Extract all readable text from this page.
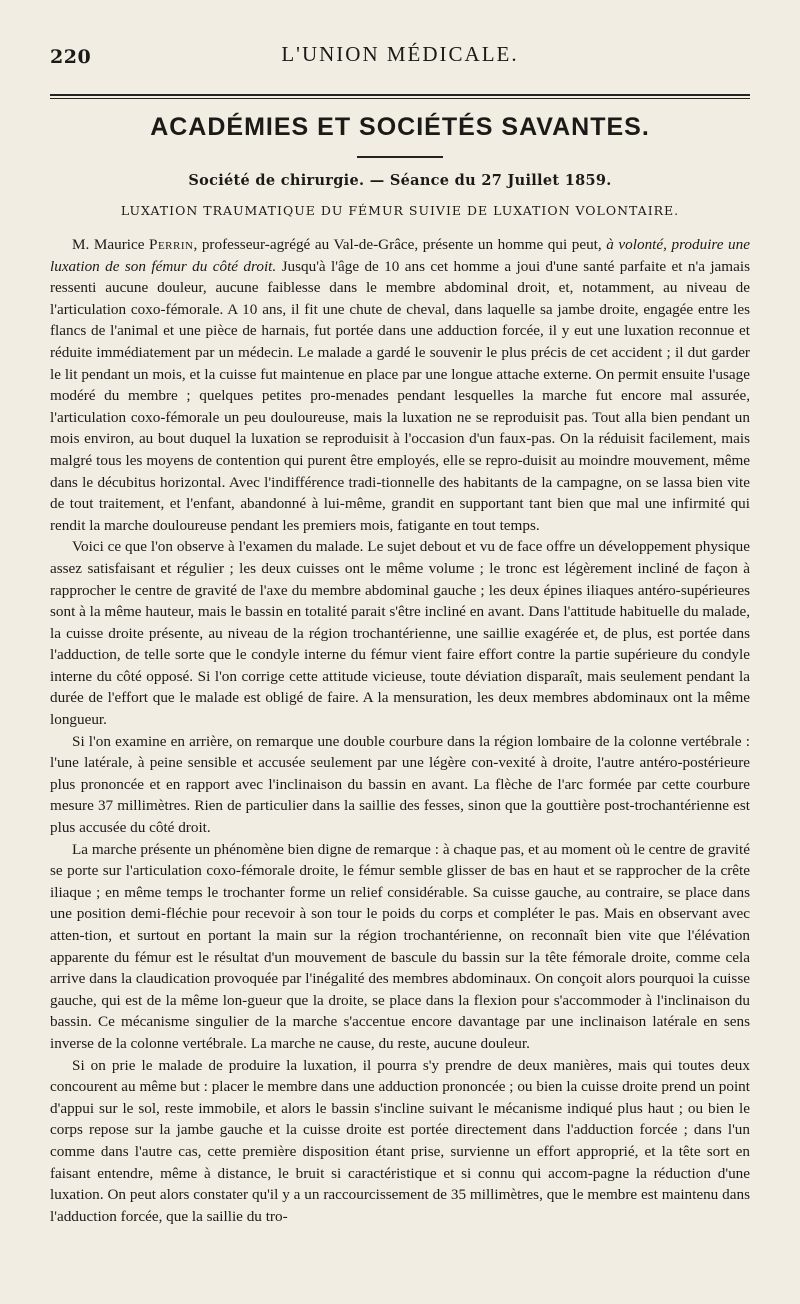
220	L'UNION MÉDICALE.
ACADÉMIES ET SOCIÉTÉS SAVANTES.
Société de chirurgie. — Séance du 27 Juillet 1859.
LUXATION TRAUMATIQUE DU FÉMUR SUIVIE DE LUXATION VOLONTAIRE.

M. Maurice Perrin, professeur-agrégé au Val-de-Grâce, présente un homme qui peut, à volonté, produire une luxation de son fémur du côté droit. Jusqu'à l'âge de 10 ans cet homme a joui d'une santé parfaite et n'a jamais ressenti aucune douleur, aucune faiblesse dans le membre abdominal droit, et, notamment, au niveau de l'articulation coxo-fémorale. A 10 ans, il fit une chute de cheval, dans laquelle sa jambe droite, engagée entre les flancs de l'animal et une pièce de harnais, fut portée dans une adduction forcée, il y eut une luxation reconnue et réduite immédiatement par un médecin. Le malade a gardé le souvenir le plus précis de cet accident ; il dut garder le lit pendant un mois, et la cuisse fut maintenue en place par une longue attache externe. On permit ensuite l'usage modéré du membre ; quelques petites pro-menades pendant lesquelles la marche fut encore mal assurée, l'articulation coxo-fémorale un peu douloureuse, mais la luxation ne se reproduisit pas. Tout alla bien pendant un mois environ, au bout duquel la luxation se reproduisit à l'occasion d'un faux-pas. On la réduisit facilement, mais malgré tous les moyens de contention qui purent être employés, elle se repro-duisit au moindre mouvement, même dans le décubitus horizontal. Avec l'indifférence tradi-tionnelle des habitants de la campagne, on se lassa bien vite de tout traitement, et l'enfant, abandonné à lui-même, grandit en supportant tant bien que mal une infirmité qui rendit la marche douloureuse pendant les premiers mois, fatigante en tout temps.

Voici ce que l'on observe à l'examen du malade. Le sujet debout et vu de face offre un développement physique assez satisfaisant et régulier ; les deux cuisses ont le même volume ; le tronc est légèrement incliné de façon à rapprocher le centre de gravité de l'axe du membre abdominal gauche ; les deux épines iliaques antéro-supérieures sont à la même hauteur, mais le bassin en totalité parait s'être incliné en avant. Dans l'attitude habituelle du malade, la cuisse droite présente, au niveau de la région trochantérienne, une saillie exagérée et, de plus, est portée dans l'adduction, de telle sorte que le condyle interne du fémur vient faire effort contre la partie supérieure du condyle interne du côté opposé. Si l'on corrige cette attitude vicieuse, toute déviation disparaît, mais seulement pendant la durée de l'effort que le malade est obligé de faire. A la mensuration, les deux membres abdominaux ont la même longueur.

Si l'on examine en arrière, on remarque une double courbure dans la région lombaire de la colonne vertébrale : l'une latérale, à peine sensible et accusée seulement par une légère con-vexité à droite, l'autre antéro-postérieure plus prononcée et en rapport avec l'inclinaison du bassin en avant. La flèche de l'arc formée par cette courbure mesure 37 millimètres. Rien de particulier dans la saillie des fesses, sinon que la gouttière post-trochantérienne est plus accusée du côté droit.

La marche présente un phénomène bien digne de remarque : à chaque pas, et au moment où le centre de gravité se porte sur l'articulation coxo-fémorale droite, le fémur semble glisser de bas en haut et se rapprocher de la crête iliaque ; en même temps le trochanter forme un relief considérable. Sa cuisse gauche, au contraire, se place dans une position demi-fléchie pour recevoir à son tour le poids du corps et compléter le pas. Mais en observant avec atten-tion, et surtout en portant la main sur la région trochantérienne, on reconnaît bien vite que l'élévation apparente du fémur est le résultat d'un mouvement de bascule du bassin sur la tête fémorale droite, comme cela arrive dans la claudication provoquée par l'inégalité des membres abdominaux. On conçoit alors pourquoi la cuisse gauche, qui est de la même lon-gueur que la droite, se place dans la flexion pour s'accommoder à l'inclinaison du bassin. Ce mécanisme singulier de la marche s'accentue encore davantage par une inclinaison latérale en sens inverse de la colonne vertébrale. La marche ne cause, du reste, aucune douleur.

Si on prie le malade de produire la luxation, il pourra s'y prendre de deux manières, mais qui toutes deux concourent au même but : placer le membre dans une adduction prononcée ; ou bien la cuisse droite prend un point d'appui sur le sol, reste immobile, et alors le bassin s'incline suivant le mécanisme indiqué plus haut ; ou bien le corps repose sur la jambe gauche et la cuisse droite est portée directement dans l'adduction forcée ; dans l'un comme dans l'autre cas, cette première disposition étant prise, survienne un effort approprié, et la tête sort en faisant entendre, même à distance, le bruit si caractéristique et si connu qui accom-pagne la réduction d'une luxation. On peut alors constater qu'il y a un raccourcissement de 35 millimètres, que le membre est maintenu dans l'adduction forcée, que la saillie du tro-
